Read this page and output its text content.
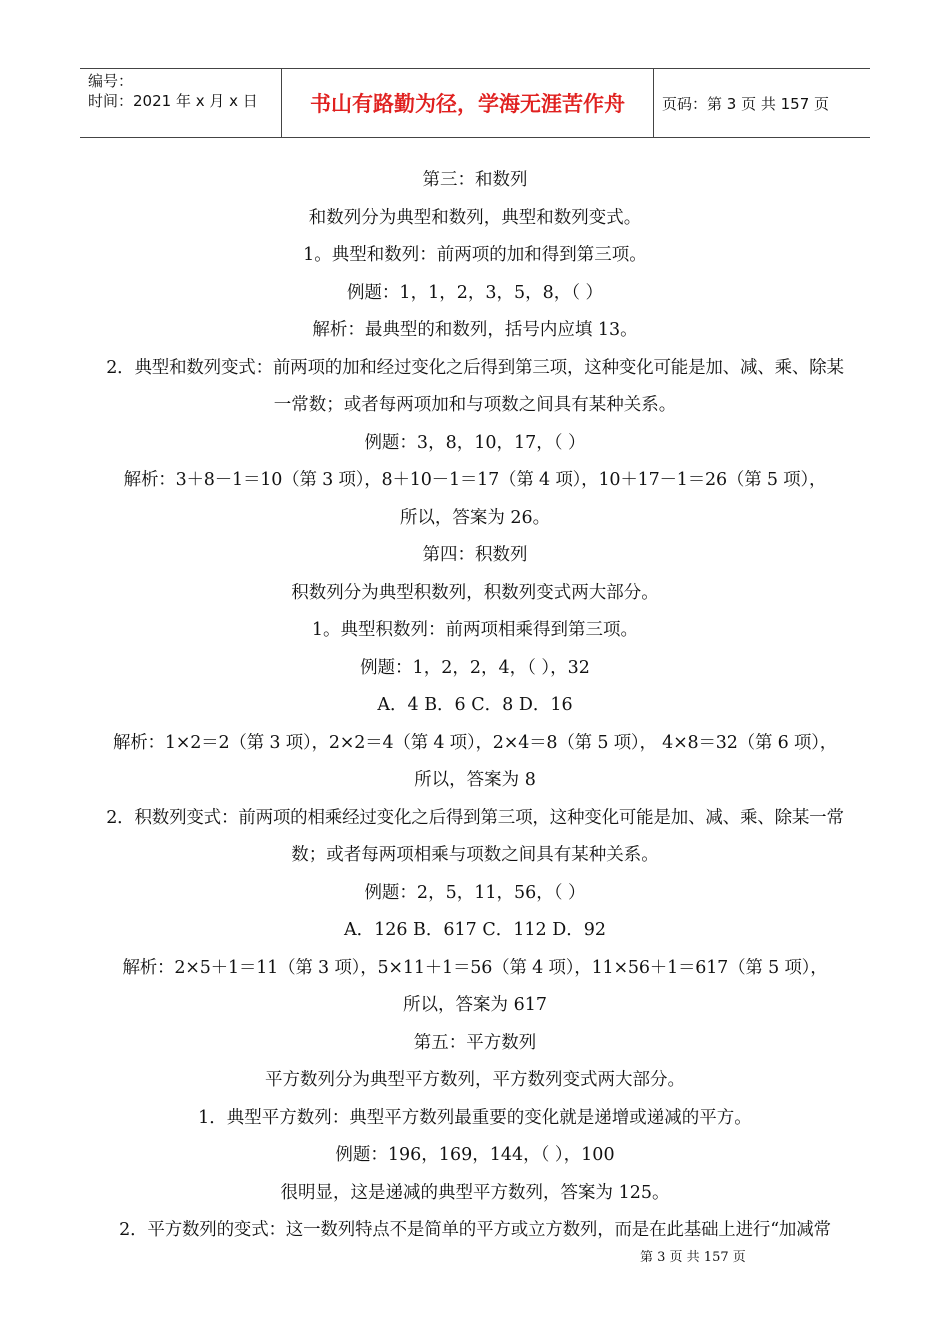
编号：
时间：2021 年 x 月 x 日	书山有路勤为径，学海无涯苦作舟	页码：第 3 页 共 157 页
第三：和数列
和数列分为典型和数列，典型和数列变式。
1。典型和数列：前两项的加和得到第三项。
例题：1，1，2，3，5，8，（ ）
解析：最典型的和数列，括号内应填 13。
2．典型和数列变式：前两项的加和经过变化之后得到第三项，这种变化可能是加、减、乘、除某
一常数；或者每两项加和与项数之间具有某种关系。
例题：3，8，10，17，（ ）
解析：3＋8－1＝10（第 3 项），8＋10－1＝17（第 4 项），10＋17－1＝26（第 5 项），
所以，答案为 26。
第四：积数列
积数列分为典型积数列，积数列变式两大部分。
1。典型积数列：前两项相乘得到第三项。
例题：1，2，2，4，（ ），32
A．4 B．6 C．8 D．16
解析：1×2＝2（第 3 项），2×2＝4（第 4 项），2×4＝8（第 5 项）， 4×8＝32（第 6 项），
所以，答案为 8
2．积数列变式：前两项的相乘经过变化之后得到第三项，这种变化可能是加、减、乘、除某一常
数；或者每两项相乘与项数之间具有某种关系。
例题：2，5，11，56，（ ）
A．126 B．617 C．112 D．92
解析：2×5＋1＝11（第 3 项），5×11＋1＝56（第 4 项），11×56＋1＝617（第 5 项），
所以，答案为 617
第五：平方数列
平方数列分为典型平方数列，平方数列变式两大部分。
1．典型平方数列：典型平方数列最重要的变化就是递增或递减的平方。
例题：196，169，144，（ ），100
很明显，这是递减的典型平方数列，答案为 125。
2．平方数列的变式：这一数列特点不是简单的平方或立方数列，而是在此基础上进行“加减常
第 3 页 共 157 页
